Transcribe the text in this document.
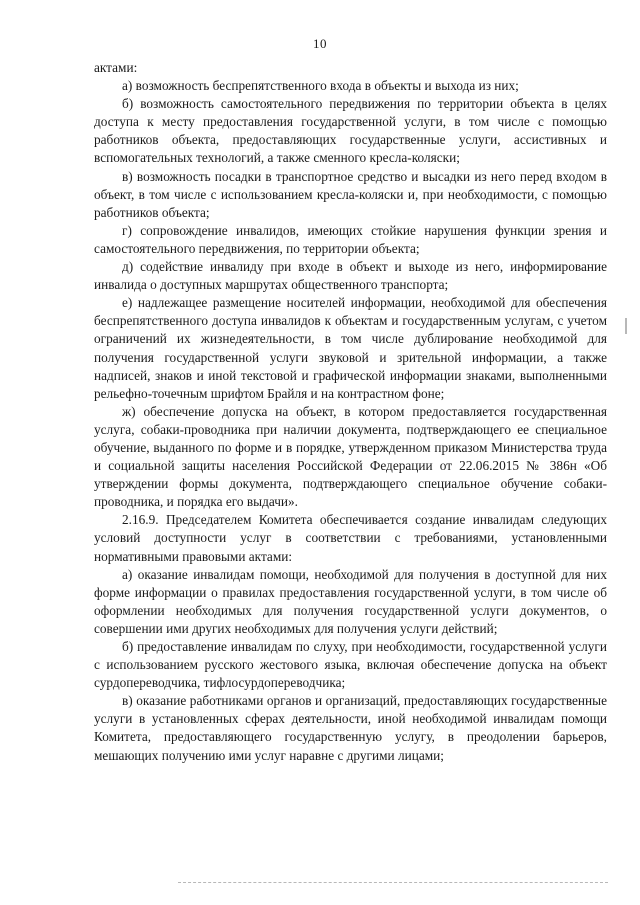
10

актами:

а) возможность беспрепятственного входа в объекты и выхода из них;

б) возможность самостоятельного передвижения по территории объекта в целях доступа к месту предоставления государственной услуги, в том числе с помощью работников объекта, предоставляющих государственные услуги, ассистивных и вспомогательных технологий, а также сменного кресла-коляски;

в) возможность посадки в транспортное средство и высадки из него перед входом в объект, в том числе с использованием кресла-коляски и, при необходимости, с помощью работников объекта;

г) сопровождение инвалидов, имеющих стойкие нарушения функции зрения и самостоятельного передвижения, по территории объекта;

д) содействие инвалиду при входе в объект и выходе из него, информирование инвалида о доступных маршрутах общественного транспорта;

е) надлежащее размещение носителей информации, необходимой для обеспечения беспрепятственного доступа инвалидов к объектам и государственным услугам, с учетом ограничений их жизнедеятельности, в том числе дублирование необходимой для получения государственной услуги звуковой и зрительной информации, а также надписей, знаков и иной текстовой и графической информации знаками, выполненными рельефно-точечным шрифтом Брайля и на контрастном фоне;

ж) обеспечение допуска на объект, в котором предоставляется государственная услуга, собаки-проводника при наличии документа, подтверждающего ее специальное обучение, выданного по форме и в порядке, утвержденном приказом Министерства труда и социальной защиты населения Российской Федерации от 22.06.2015 № 386н «Об утверждении формы документа, подтверждающего специальное обучение собаки-проводника, и порядка его выдачи».

2.16.9. Председателем Комитета обеспечивается создание инвалидам следующих условий доступности услуг в соответствии с требованиями, установленными нормативными правовыми актами:

а) оказание инвалидам помощи, необходимой для получения в доступной для них форме информации о правилах предоставления государственной услуги, в том числе об оформлении необходимых для получения государственной услуги документов, о совершении ими других необходимых для получения услуги действий;

б) предоставление инвалидам по слуху, при необходимости, государственной услуги с использованием русского жестового языка, включая обеспечение допуска на объект сурдопереводчика, тифлосурдопереводчика;

в) оказание работниками органов и организаций, предоставляющих государственные услуги в установленных сферах деятельности, иной необходимой инвалидам помощи Комитета, предоставляющего государственную услугу, в преодолении барьеров, мешающих получению ими услуг наравне с другими лицами;
